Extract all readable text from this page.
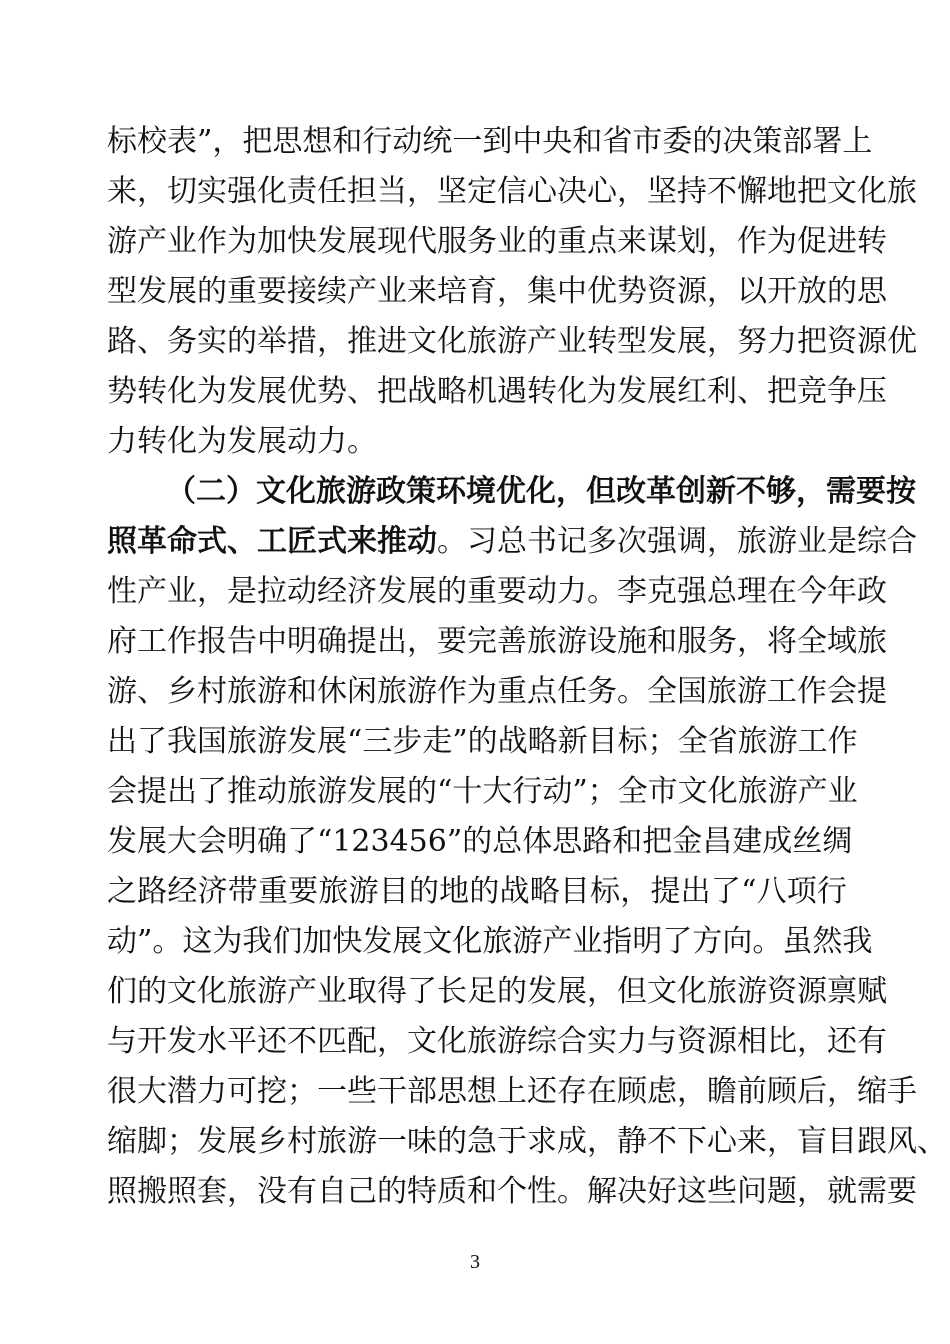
标校表”，把思想和行动统一到中央和省市委的决策部署上
来，切实强化责任担当，坚定信心决心，坚持不懈地把文化旅
游产业作为加快发展现代服务业的重点来谋划，作为促进转
型发展的重要接续产业来培育，集中优势资源，以开放的思
路、务实的举措，推进文化旅游产业转型发展，努力把资源优
势转化为发展优势、把战略机遇转化为发展红利、把竞争压
力转化为发展动力。
（二）文化旅游政策环境优化，但改革创新不够，需要按
照革命式、工匠式来推动。习总书记多次强调，旅游业是综合
性产业，是拉动经济发展的重要动力。李克强总理在今年政
府工作报告中明确提出，要完善旅游设施和服务，将全域旅
游、乡村旅游和休闲旅游作为重点任务。全国旅游工作会提
出了我国旅游发展“三步走”的战略新目标；全省旅游工作
会提出了推动旅游发展的“十大行动”；全市文化旅游产业
发展大会明确了“123456”的总体思路和把金昌建成丝绸
之路经济带重要旅游目的地的战略目标，提出了“八项行
动”。这为我们加快发展文化旅游产业指明了方向。虽然我
们的文化旅游产业取得了长足的发展，但文化旅游资源禀赋
与开发水平还不匹配，文化旅游综合实力与资源相比，还有
很大潜力可挖；一些干部思想上还存在顾虑，瞻前顾后，缩手
缩脚；发展乡村旅游一味的急于求成，静不下心来，盲目跟风、
照搬照套，没有自己的特质和个性。解决好这些问题，就需要
3
